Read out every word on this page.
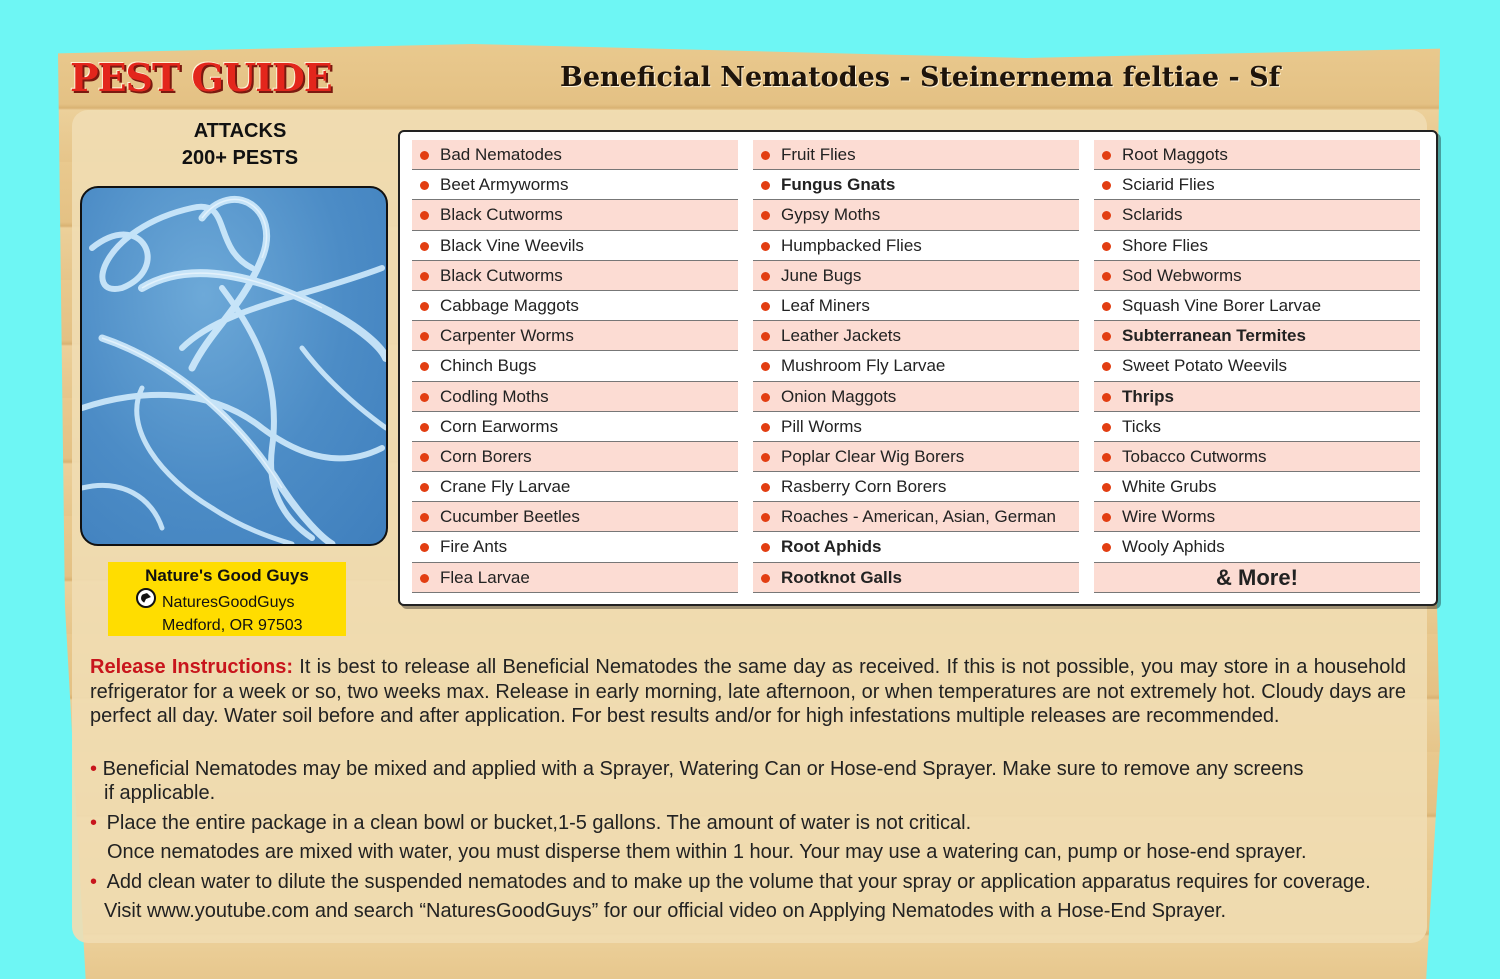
PEST GUIDE	Beneficial Nematodes - Steinernema feltiae - Sf
ATTACKS
200+ PESTS
Nature's Good Guys
NaturesGoodGuys
Medford, OR 97503
Bad Nematodes
Beet Armyworms
Black Cutworms
Black Vine Weevils
Black Cutworms
Cabbage Maggots
Carpenter Worms
Chinch Bugs
Codling Moths
Corn Earworms
Corn Borers
Crane Fly Larvae
Cucumber Beetles
Fire Ants
Flea Larvae
Fruit Flies
Fungus Gnats
Gypsy Moths
Humpbacked Flies
June Bugs
Leaf Miners
Leather Jackets
Mushroom Fly Larvae
Onion Maggots
Pill Worms
Poplar Clear Wig Borers
Rasberry Corn Borers
Roaches - American, Asian, German
Root Aphids
Rootknot Galls
Root Maggots
Sciarid Flies
Sclarids
Shore Flies
Sod Webworms
Squash Vine Borer Larvae
Subterranean Termites
Sweet Potato Weevils
Thrips
Ticks
Tobacco Cutworms
White Grubs
Wire Worms
Wooly Aphids
& More!
Release Instructions: It is best to release all Beneficial Nematodes the same day as received. If this is not possible, you may store in a household refrigerator for a week or so, two weeks max. Release in early morning, late afternoon, or when temperatures are not extremely hot. Cloudy days are perfect all day. Water soil before and after application. For best results and/or for high infestations multiple releases are recommended.
• Beneficial Nematodes may be mixed and applied with a Sprayer, Watering Can or Hose-end Sprayer. Make sure to remove any screens
if applicable.
• Place the entire package in a clean bowl or bucket,1-5 gallons. The amount of water is not critical.
Once nematodes are mixed with water, you must disperse them within 1 hour. Your may use a watering can, pump or hose-end sprayer.
• Add clean water to dilute the suspended nematodes and to make up the volume that your spray or application apparatus requires for coverage.
Visit www.youtube.com and search “NaturesGoodGuys” for our official video on Applying Nematodes with a Hose-End Sprayer.
